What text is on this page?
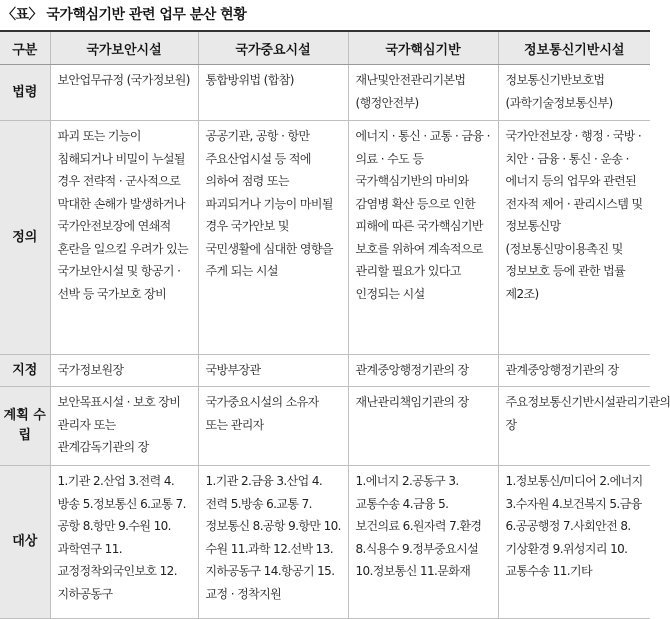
〈표〉 국가핵심기반 관련 업무 분산 현황
구분	국가보안시설	국가중요시설	국가핵심기반	정보통신기반시설
법령	보안업무규정 (국가정보원)	통합방위법 (합참)	재난및안전관리기본법 (행정안전부)	정보통신기반보호법 (과학기술정보통신부)
정의	파괴 또는 기능이 침해되거나 비밀이 누설될 경우 전략적 · 군사적으로 막대한 손해가 발생하거나 국가안전보장에 연쇄적 혼란을 일으킬 우려가 있는 국가보안시설 및 항공기 · 선박 등 국가보호 장비	공공기관, 공항 · 항만 주요산업시설 등 적에 의하여 점령 또는 파괴되거나 기능이 마비될 경우 국가안보 및 국민생활에 심대한 영향을 주게 되는 시설	에너지 · 통신 · 교통 · 금융 · 의료 · 수도 등 국가핵심기반의 마비와 감염병 확산 등으로 인한 피해에 따른 국가핵심기반 보호를 위하여 계속적으로 관리할 필요가 있다고 인정되는 시설	국가안전보장 · 행정 · 국방 · 치안 · 금융 · 통신 · 운송 · 에너지 등의 업무와 관련된 전자적 제어 · 관리시스템 및 정보통신망(정보통신망이용촉진 및 정보보호 등에 관한 법률 제2조)
지정	국가정보원장	국방부장관	관계중앙행정기관의 장	관계중앙행정기관의 장
계획 수립	보안목표시설 · 보호 장비 관리자 또는 관계감독기관의 장	국가중요시설의 소유자 또는 관리자	재난관리책임기관의 장	주요정보통신기반시설관리기관의 장
대상	1.기관 2.산업 3.전력 4.방송 5.정보통신 6.교통 7.공항 8.항만 9.수원 10.과학연구 11.교정정착외국인보호 12.지하공동구	1.기관 2.금융 3.산업 4.전력 5.방송 6.교통 7.정보통신 8.공항 9.항만 10.수원 11.과학 12.선박 13.지하공동구 14.항공기 15.교정 · 정착지원	1.에너지 2.공동구 3.교통수송 4.금융 5.보건의료 6.원자력 7.환경 8.식용수 9.정부중요시설 10.정보통신 11.문화재	1.정보통신/미디어 2.에너지 3.수자원 4.보건복지 5.금융 6.공공행정 7.사회안전 8.기상환경 9.위성지리 10.교통수송 11.기타
